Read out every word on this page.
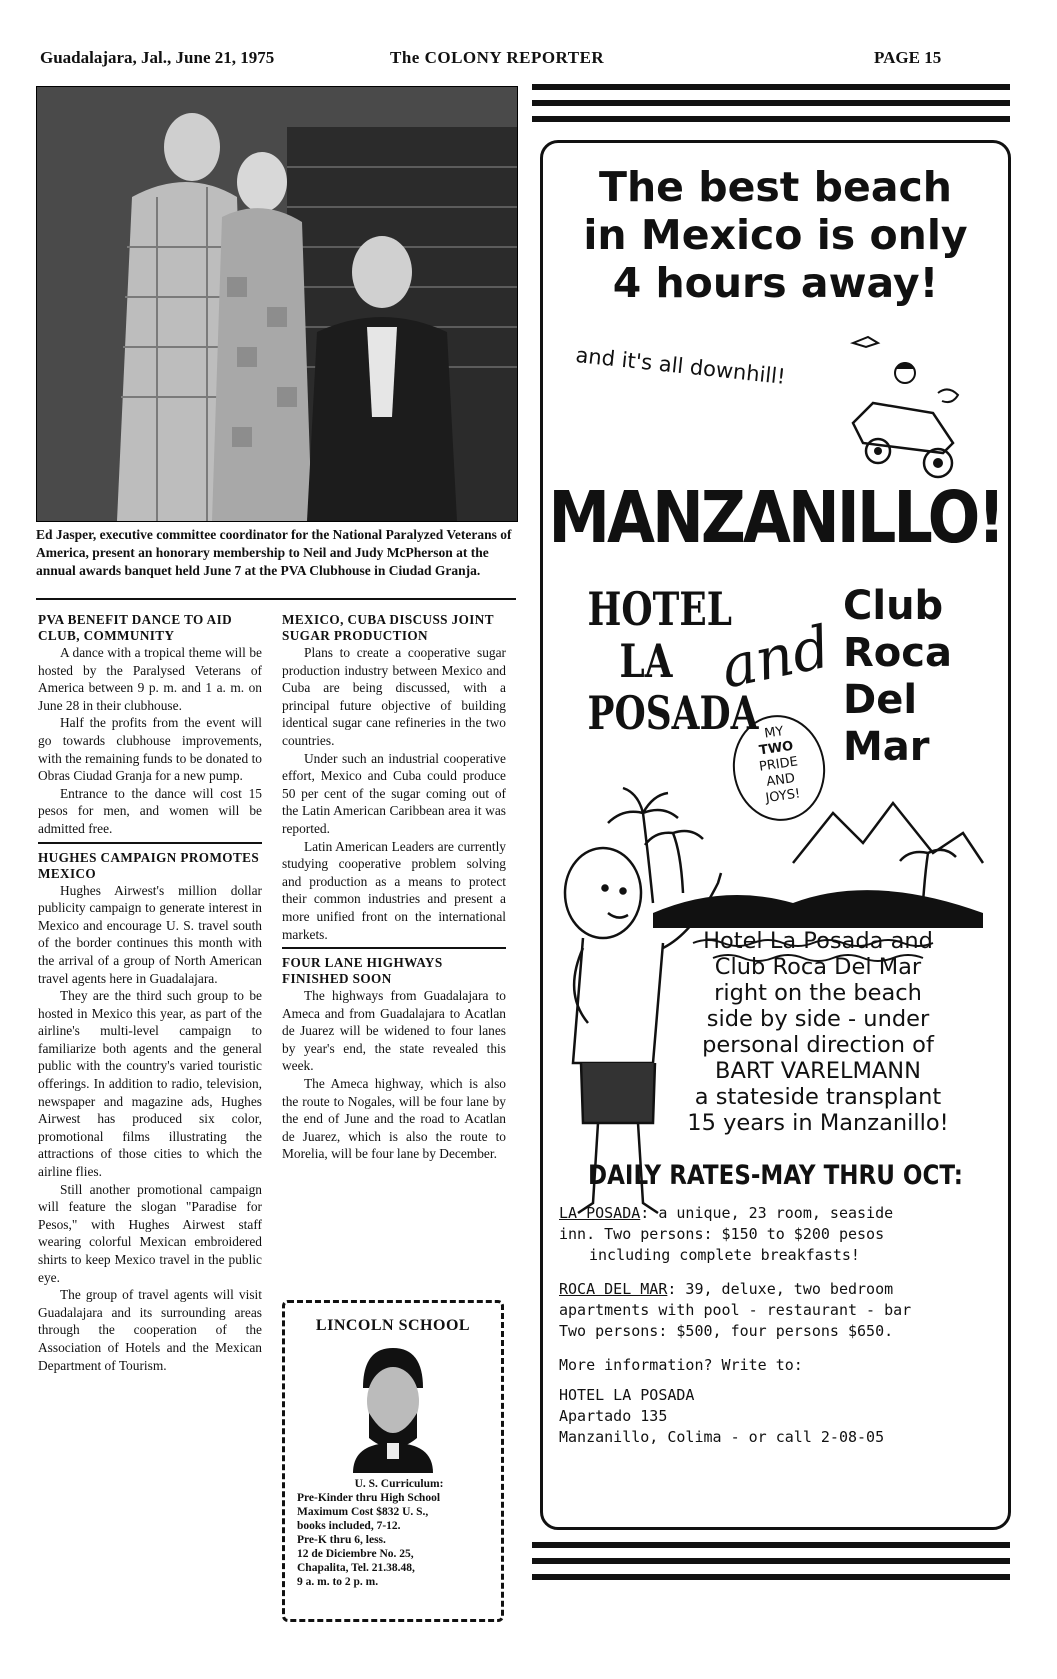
Guadalajara, Jal., June 21, 1975	The COLONY REPORTER	PAGE 15
Ed Jasper, executive committee coordinator for the National Paralyzed Veterans of America, present an honorary membership to Neil and Judy McPherson at the annual awards banquet held June 7 at the PVA Clubhouse in Ciudad Granja.
PVA BENEFIT DANCE TO AID CLUB, COMMUNITY

A dance with a tropical theme will be hosted by the Paralysed Veterans of America between 9 p. m. and 1 a. m. on June 28 in their clubhouse.

Half the profits from the event will go towards clubhouse improvements, with the remaining funds to be donated to Obras Ciudad Granja for a new pump.

Entrance to the dance will cost 15 pesos for men, and women will be admitted free.

HUGHES CAMPAIGN PROMOTES MEXICO

Hughes Airwest's million dollar publicity campaign to generate interest in Mexico and encourage U. S. travel south of the border continues this month with the arrival of a group of North American travel agents here in Guadalajara.

They are the third such group to be hosted in Mexico this year, as part of the airline's multi-level campaign to familiarize both agents and the general public with the country's varied touristic offerings. In addition to radio, television, newspaper and magazine ads, Hughes Airwest has produced six color, promotional films illustrating the attractions of those cities to which the airline flies.

Still another promotional campaign will feature the slogan "Paradise for Pesos," with Hughes Airwest staff wearing colorful Mexican embroidered shirts to keep Mexico travel in the public eye.

The group of travel agents will visit Guadalajara and its surrounding areas through the cooperation of the Association of Hotels and the Mexican Department of Tourism.

MEXICO, CUBA DISCUSS JOINT SUGAR PRODUCTION

Plans to create a cooperative sugar production industry between Mexico and Cuba are being discussed, with a principal future objective of building identical sugar cane refineries in the two countries.

Under such an industrial cooperative effort, Mexico and Cuba could produce 50 per cent of the sugar coming out of the Latin American Caribbean area it was reported.

Latin American Leaders are currently studying cooperative problem solving and production as a means to protect their common industries and present a more unified front on the international markets.

FOUR LANE HIGHWAYS FINISHED SOON

The highways from Guadalajara to Ameca and from Guadalajara to Acatlan de Juarez will be widened to four lanes by year's end, the state revealed this week.

The Ameca highway, which is also the route to Nogales, will be four lane by the end of June and the road to Acatlan de Juarez, which is also the route to Morelia, will be four lane by December.

LINCOLN SCHOOL
U. S. Curriculum:
Pre-Kinder thru High School
Maximum Cost $832 U. S.,
books included, 7-12.
Pre-K thru 6, less.
12 de Diciembre No. 25,
Chapalita, Tel. 21.38.48,
9 a. m. to 2 p. m.
The best beach
in Mexico is only
4 hours away!
and it's all downhill!
MANZANILLO!
HOTEL
LA
POSADA
and
Club
Roca
Del
Mar
MY
TWO
PRIDE
AND
JOYS!
Hotel La Posada and
Club Roca Del Mar
right on the beach
side by side - under
personal direction of
BART VARELMANN
a stateside transplant
15 years in Manzanillo!
DAILY RATES-MAY THRU OCT:
LA POSADA: a unique, 23 room, seaside
inn. Two persons: $150 to $200 pesos
including complete breakfasts!
ROCA DEL MAR: 39, deluxe, two bedroom
apartments with pool - restaurant - bar
Two persons: $500, four persons $650.
More information? Write to:
HOTEL LA POSADA
Apartado 135
Manzanillo, Colima - or call 2-08-05
